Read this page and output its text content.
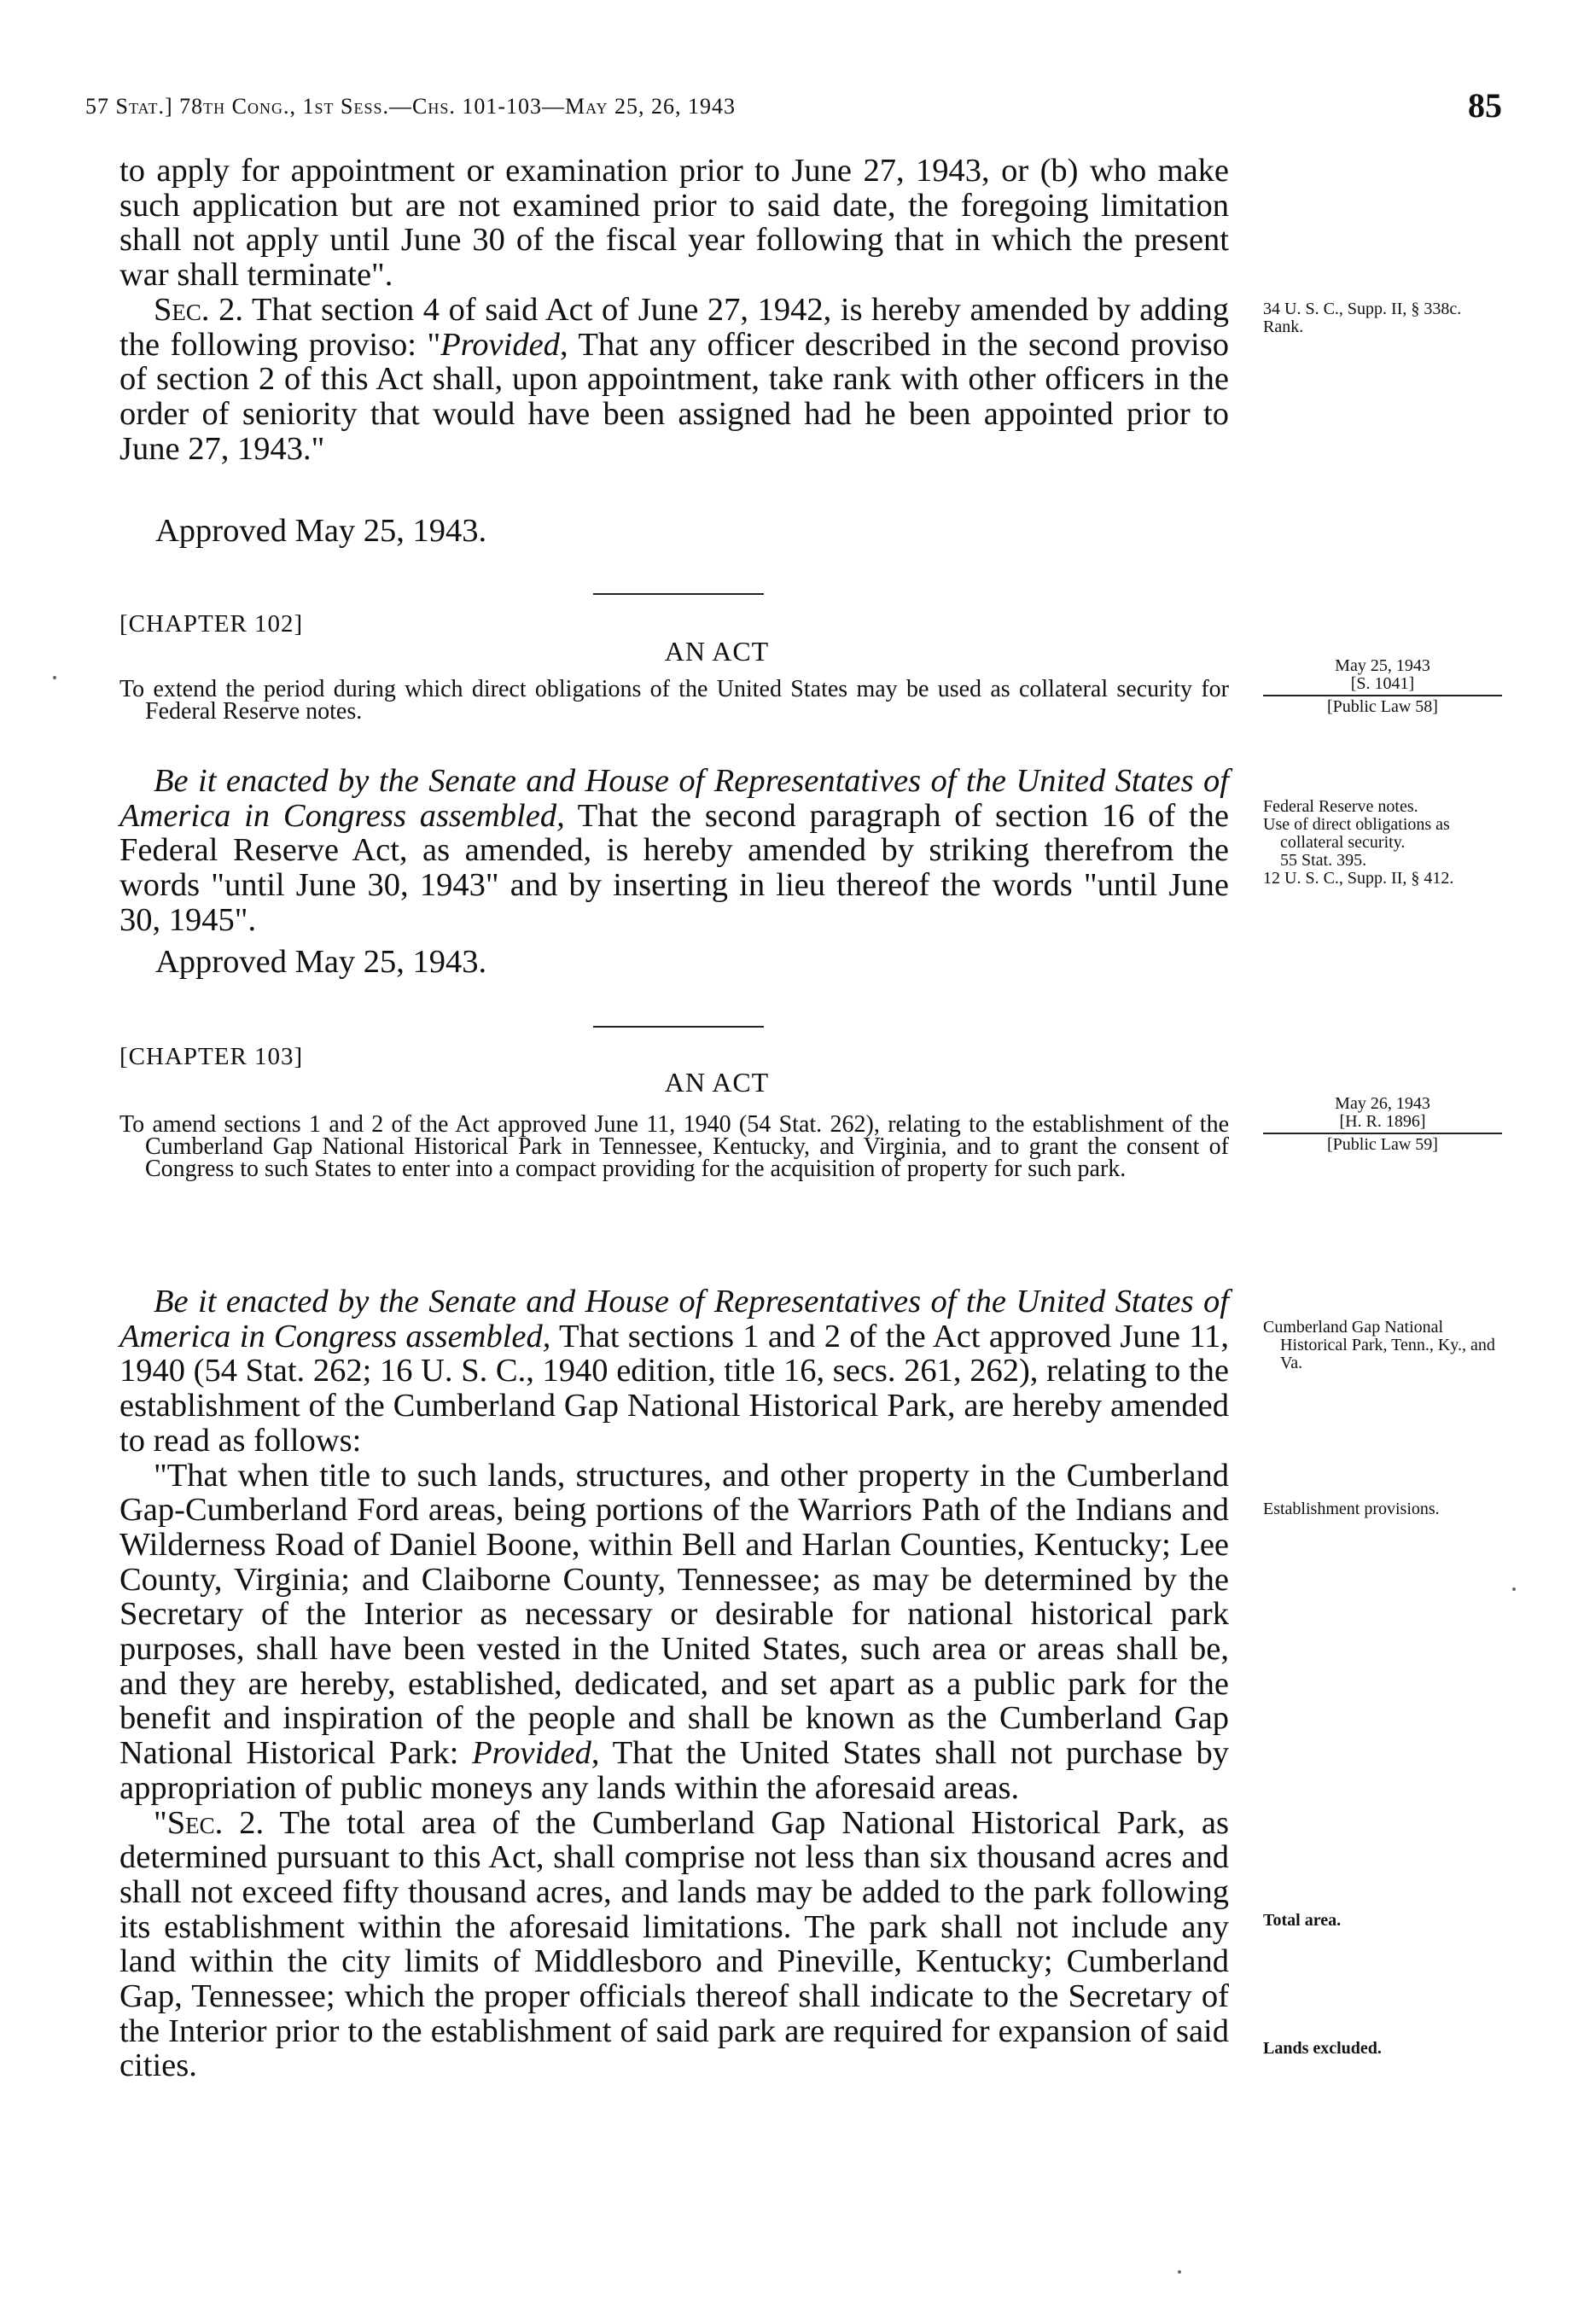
57 Stat.] 78th Cong., 1st Sess.—Chs. 101-103—May 25, 26, 1943	85

to apply for appointment or examination prior to June 27, 1943, or (b) who make such application but are not examined prior to said date, the foregoing limitation shall not apply until June 30 of the fiscal year following that in which the present war shall terminate".

Sec. 2. That section 4 of said Act of June 27, 1942, is hereby amended by adding the following proviso: "Provided, That any officer described in the second proviso of section 2 of this Act shall, upon appointment, take rank with other officers in the order of seniority that would have been assigned had he been appointed prior to June 27, 1943."

Approved May 25, 1943.

34 U. S. C., Supp. II, § 338c.

Rank.

[CHAPTER 102]
AN ACT

To extend the period during which direct obligations of the United States may be used as collateral security for Federal Reserve notes.

May 25, 1943

[S. 1041]

[Public Law 58]

Be it enacted by the Senate and House of Representatives of the United States of America in Congress assembled, That the second paragraph of section 16 of the Federal Reserve Act, as amended, is hereby amended by striking therefrom the words "until June 30, 1943" and by inserting in lieu thereof the words "until June 30, 1945".

Approved May 25, 1943.

Federal Reserve notes.

Use of direct obligations as collateral security.

55 Stat. 395.

12 U. S. C., Supp. II, § 412.

[CHAPTER 103]
AN ACT

To amend sections 1 and 2 of the Act approved June 11, 1940 (54 Stat. 262), relating to the establishment of the Cumberland Gap National Historical Park in Tennessee, Kentucky, and Virginia, and to grant the consent of Congress to such States to enter into a compact providing for the acquisition of property for such park.

May 26, 1943

[H. R. 1896]

[Public Law 59]

Be it enacted by the Senate and House of Representatives of the United States of America in Congress assembled, That sections 1 and 2 of the Act approved June 11, 1940 (54 Stat. 262; 16 U. S. C., 1940 edition, title 16, secs. 261, 262), relating to the establishment of the Cumberland Gap National Historical Park, are hereby amended to read as follows:

"That when title to such lands, structures, and other property in the Cumberland Gap-Cumberland Ford areas, being portions of the Warriors Path of the Indians and Wilderness Road of Daniel Boone, within Bell and Harlan Counties, Kentucky; Lee County, Virginia; and Claiborne County, Tennessee; as may be determined by the Secretary of the Interior as necessary or desirable for national historical park purposes, shall have been vested in the United States, such area or areas shall be, and they are hereby, established, dedicated, and set apart as a public park for the benefit and inspiration of the people and shall be known as the Cumberland Gap National Historical Park: Provided, That the United States shall not purchase by appropriation of public moneys any lands within the aforesaid areas.

"Sec. 2. The total area of the Cumberland Gap National Historical Park, as determined pursuant to this Act, shall comprise not less than six thousand acres and shall not exceed fifty thousand acres, and lands may be added to the park following its establishment within the aforesaid limitations. The park shall not include any land within the city limits of Middlesboro and Pineville, Kentucky; Cumberland Gap, Tennessee; which the proper officials thereof shall indicate to the Secretary of the Interior prior to the establishment of said park are required for expansion of said cities.

Cumberland Gap National Historical Park, Tenn., Ky., and Va.

Establishment provisions.

Total area.

Lands excluded.
